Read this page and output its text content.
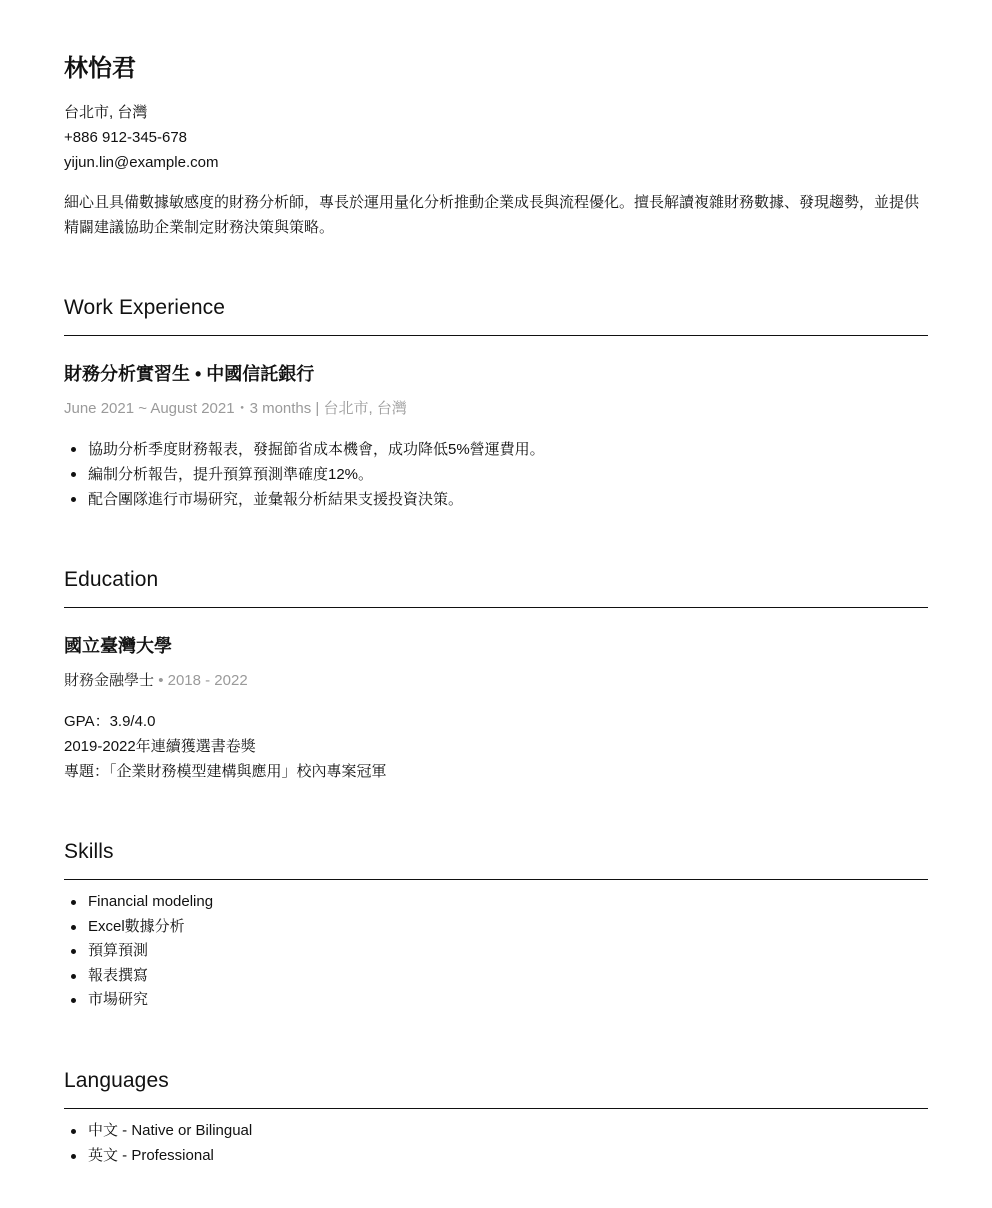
林怡君
台北市, 台灣
+886 912-345-678
yijun.lin@example.com

細心且具備數據敏感度的財務分析師，專長於運用量化分析推動企業成長與流程優化。擅長解讀複雜財務數據、發現趨勢，並提供精闢建議協助企業制定財務決策與策略。

Work Experience
財務分析實習生 • 中國信託銀行
June 2021 ~ August 2021・3 months | 台北市, 台灣
協助分析季度財務報表，發掘節省成本機會，成功降低5%營運費用。
編制分析報告，提升預算預測準確度12%。
配合團隊進行市場研究，並彙報分析結果支援投資決策。
Education
國立臺灣大學
財務金融學士 • 2018 - 2022
GPA：3.9/4.0
2019-2022年連續獲選書卷獎
專題：「企業財務模型建構與應用」校內專案冠軍
Skills
Financial modeling
Excel數據分析
預算預測
報表撰寫
市場研究
Languages
中文 - Native or Bilingual
英文 - Professional
